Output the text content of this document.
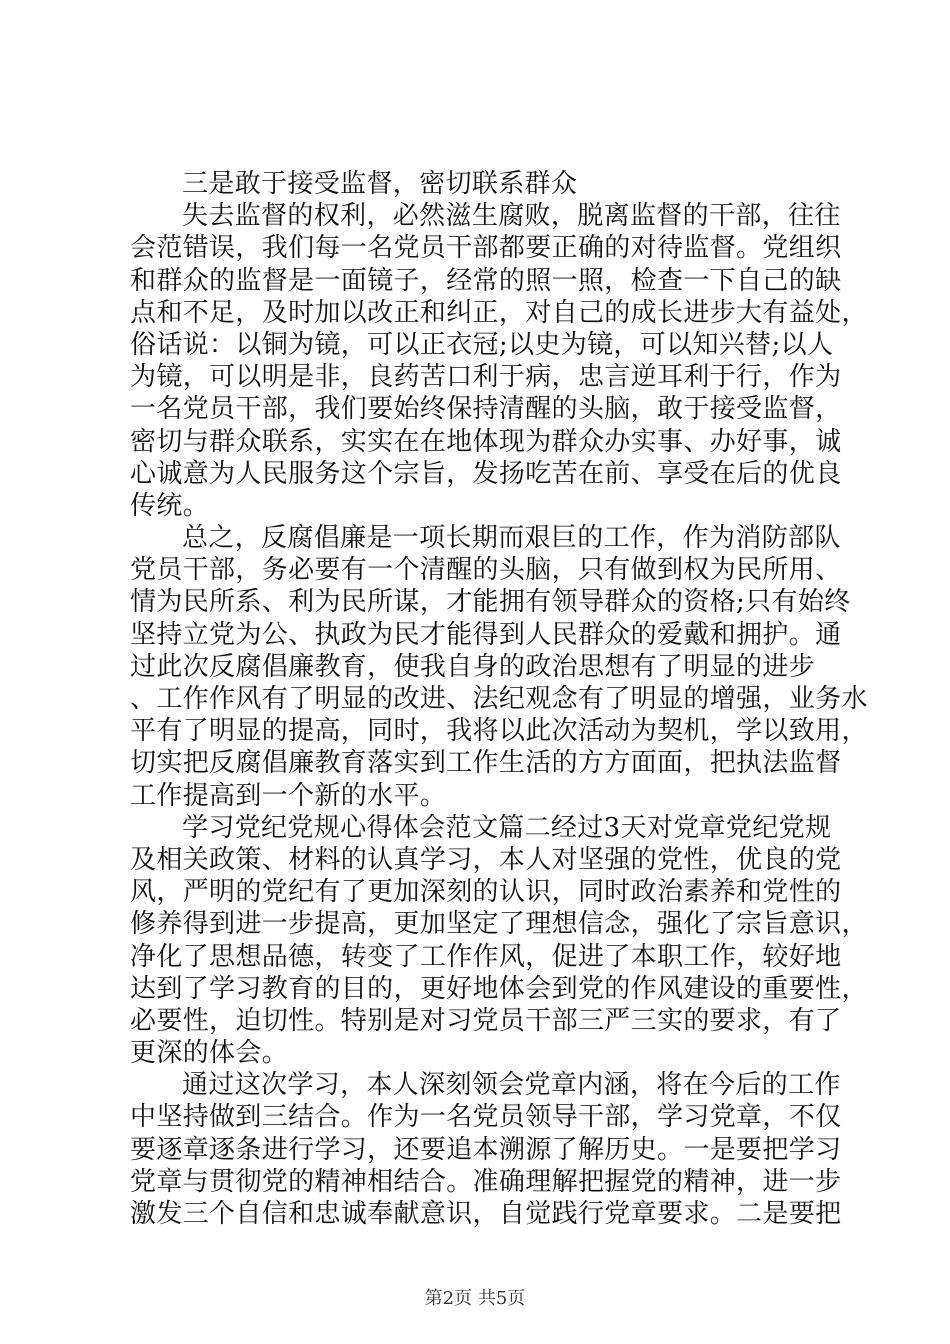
三是敢于接受监督，密切联系群众
失去监督的权利，必然滋生腐败，脱离监督的干部，往往
会范错误，我们每一名党员干部都要正确的对待监督。党组织
和群众的监督是一面镜子，经常的照一照，检查一下自己的缺
点和不足，及时加以改正和纠正，对自己的成长进步大有益处，
俗话说：以铜为镜，可以正衣冠;以史为镜，可以知兴替;以人
为镜，可以明是非，良药苦口利于病，忠言逆耳利于行，作为
一名党员干部，我们要始终保持清醒的头脑，敢于接受监督，
密切与群众联系，实实在在地体现为群众办实事、办好事，诚
心诚意为人民服务这个宗旨，发扬吃苦在前、享受在后的优良
传统。
总之，反腐倡廉是一项长期而艰巨的工作，作为消防部队
党员干部，务必要有一个清醒的头脑，只有做到权为民所用、
情为民所系、利为民所谋，才能拥有领导群众的资格;只有始终
坚持立党为公、执政为民才能得到人民群众的爱戴和拥护。通
过此次反腐倡廉教育，使我自身的政治思想有了明显的进步
、工作作风有了明显的改进、法纪观念有了明显的增强，业务水
平有了明显的提高，同时，我将以此次活动为契机，学以致用，
切实把反腐倡廉教育落实到工作生活的方方面面，把执法监督
工作提高到一个新的水平。
学习党纪党规心得体会范文篇二经过3天对党章党纪党规
及相关政策、材料的认真学习，本人对坚强的党性，优良的党
风，严明的党纪有了更加深刻的认识，同时政治素养和党性的
修养得到进一步提高，更加坚定了理想信念，强化了宗旨意识，
净化了思想品德，转变了工作作风，促进了本职工作，较好地
达到了学习教育的目的，更好地体会到党的作风建设的重要性，
必要性，迫切性。特别是对习党员干部三严三实的要求，有了
更深的体会。
通过这次学习，本人深刻领会党章内涵，将在今后的工作
中坚持做到三结合。作为一名党员领导干部，学习党章，不仅
要逐章逐条进行学习，还要追本溯源了解历史。一是要把学习
党章与贯彻党的精神相结合。准确理解把握党的精神，进一步
激发三个自信和忠诚奉献意识，自觉践行党章要求。二是要把
第2页 共5页
